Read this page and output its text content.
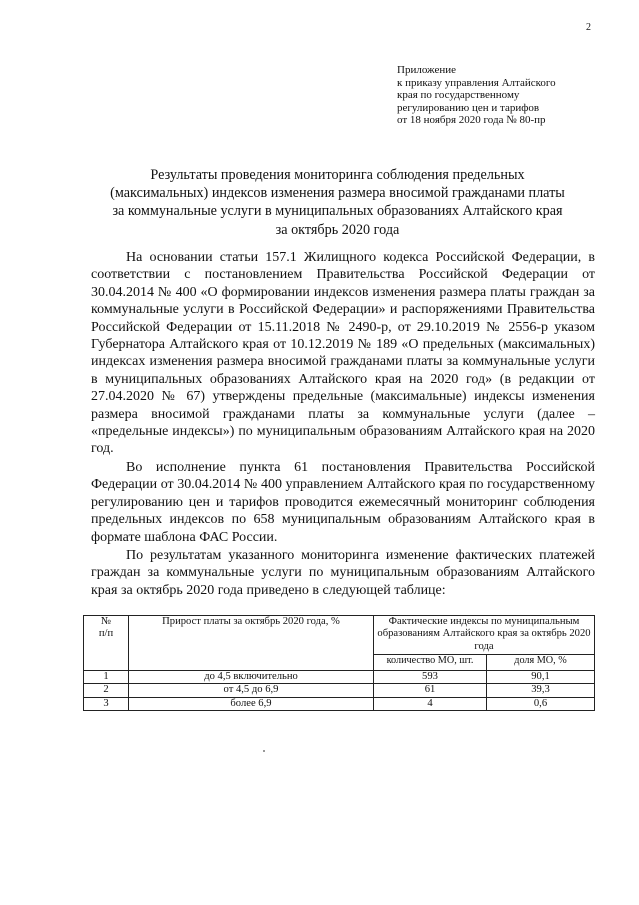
2
Приложение
к приказу управления Алтайского
края по государственному
регулированию цен и тарифов
от 18 ноября 2020 года № 80-пр
Результаты проведения мониторинга соблюдения предельных
(максимальных) индексов изменения размера вносимой гражданами платы
за коммунальные услуги в муниципальных образованиях Алтайского края
за октябрь 2020 года

На основании статьи 157.1 Жилищного кодекса Российской Федерации, в соответствии с постановлением Правительства Российской Федерации от 30.04.2014 № 400 «О формировании индексов изменения размера платы граждан за коммунальные услуги в Российской Федерации» и распоряжениями Правительства Российской Федерации от 15.11.2018 № 2490-р, от 29.10.2019 № 2556-р указом Губернатора Алтайского края от 10.12.2019 № 189 «О предельных (максимальных) индексах изменения размера вносимой гражданами платы за коммунальные услуги в муниципальных образованиях Алтайского края на 2020 год» (в редакции от 27.04.2020 № 67) утверждены предельные (максимальные) индексы изменения размера вносимой гражданами платы за коммунальные услуги (далее – «предельные индексы») по муниципальным образованиям Алтайского края на 2020 год.

Во исполнение пункта 61 постановления Правительства Российской Федерации от 30.04.2014 № 400 управлением Алтайского края по государственному регулированию цен и тарифов проводится ежемесячный мониторинг соблюдения предельных индексов по 658 муниципальным образованиям Алтайского края в формате шаблона ФАС России.

По результатам указанного мониторинга изменение фактических платежей граждан за коммунальные услуги по муниципальным образованиям Алтайского края за октябрь 2020 года приведено в следующей таблице:

№
п/п	Прирост платы за октябрь 2020 года, %	Фактические индексы по муниципальным образованиям Алтайского края за октябрь 2020 года	
		количество МО, шт.	доля МО, %
1	до 4,5 включительно	593	90,1
2	от 4,5 до 6,9	61	39,3
3	более 6,9	4	0,6
